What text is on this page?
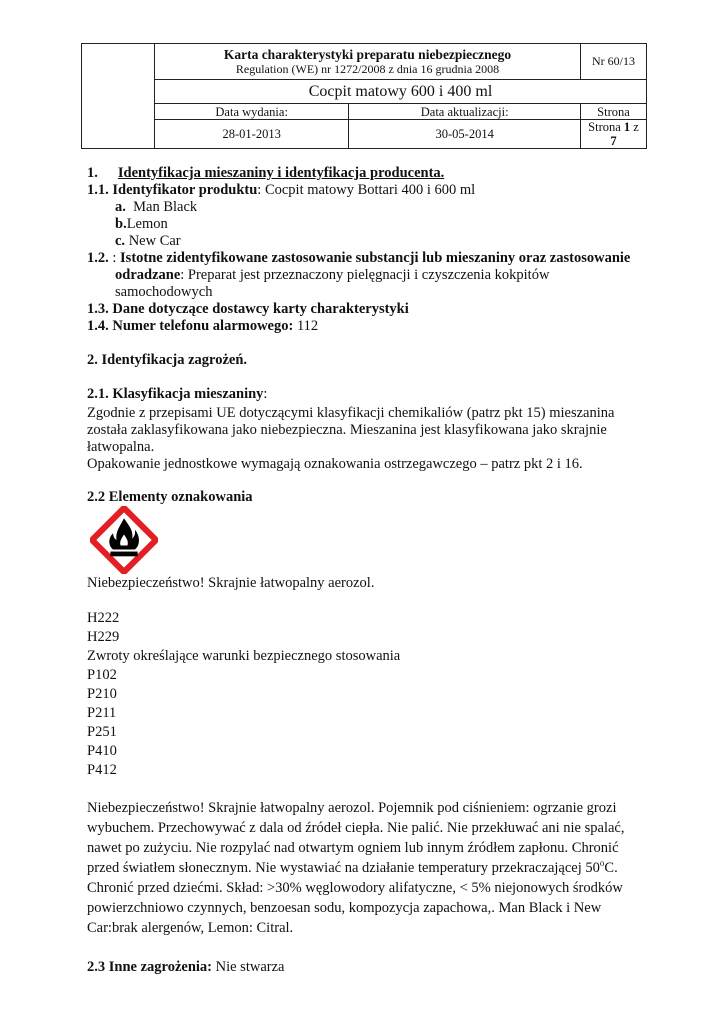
	Karta charakterystyki preparatu niebezpiecznego
Regulation (WE) nr 1272/2008 z dnia 16 grudnia 2008		Nr 60/13
	Cocpit matowy 600 i 400 ml		
	Data wydania:	Data aktualizacji:	Strona
	28-01-2013	30-05-2014	Strona 1 z 7
1. Identyfikacja mieszaniny i identyfikacja producenta.
1.1. Identyfikator produktu: Cocpit matowy Bottari 400 i 600 ml
a. Man Black
b.Lemon
c. New Car
1.2. : Istotne zidentyfikowane zastosowanie substancji lub mieszaniny oraz zastosowanie
odradzane: Preparat jest przeznaczony pielęgnacji i czyszczenia kokpitów
samochodowych
1.3. Dane dotyczące dostawcy karty charakterystyki
1.4. Numer telefonu alarmowego: 112
2. Identyfikacja zagrożeń.
2.1. Klasyfikacja mieszaniny:
Zgodnie z przepisami UE dotyczącymi klasyfikacji chemikaliów (patrz pkt 15) mieszanina
została zaklasyfikowana jako niebezpieczna. Mieszanina jest klasyfikowana jako skrajnie
łatwopalna.
Opakowanie jednostkowe wymagają oznakowania ostrzegawczego – patrz pkt 2 i 16.
2.2 Elementy oznakowania
Niebezpieczeństwo! Skrajnie łatwopalny aerozol.
H222
H229
Zwroty określające warunki bezpiecznego stosowania
P102
P210
P211
P251
P410
P412
Niebezpieczeństwo! Skrajnie łatwopalny aerozol. Pojemnik pod ciśnieniem: ogrzanie grozi
wybuchem. Przechowywać z dala od źródeł ciepła. Nie palić. Nie przekłuwać ani nie spalać,
nawet po zużyciu. Nie rozpylać nad otwartym ogniem lub innym źródłem zapłonu. Chronić
przed światłem słonecznym. Nie wystawiać na działanie temperatury przekraczającej 50$^o$C.
Chronić przed dziećmi. Skład: >30% węglowodory alifatyczne, < 5% niejonowych środków
powierzchniowo czynnych, benzoesan sodu, kompozycja zapachowa,. Man Black i New
Car:brak alergenów, Lemon: Citral.
2.3 Inne zagrożenia: Nie stwarza
